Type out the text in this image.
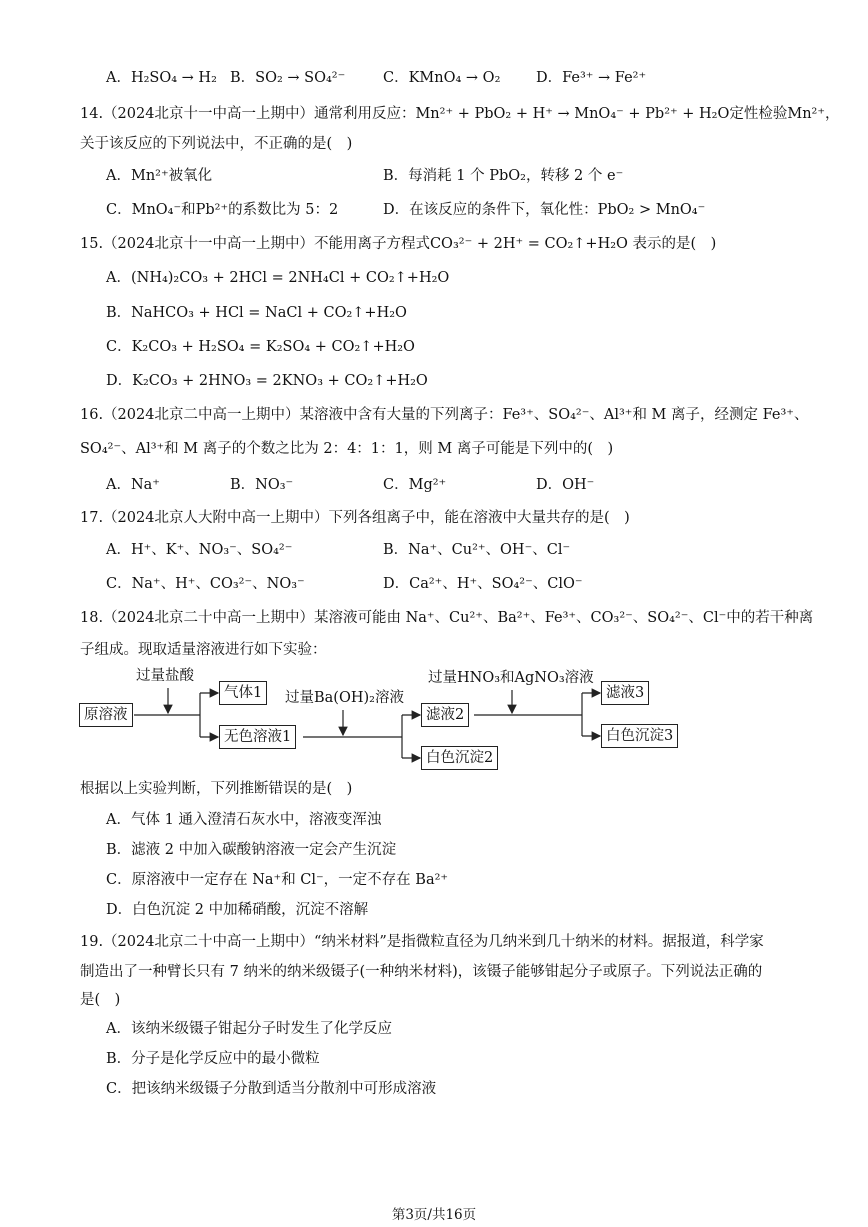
A．H₂SO₄ → H₂ B．SO₂ → SO₄²⁻	C．KMnO₄ → O₂ D．Fe³⁺ → Fe²⁺
14.（2024北京十一中高一上期中）通常利用反应：Mn²⁺ + PbO₂ + H⁺ → MnO₄⁻ + Pb²⁺ + H₂O定性检验Mn²⁺，
关于该反应的下列说法中，不正确的是(　)
A．Mn²⁺被氧化	B．每消耗 1 个 PbO₂，转移 2 个 e⁻
C．MnO₄⁻和Pb²⁺的系数比为 5：2	D．在该反应的条件下，氧化性：PbO₂ > MnO₄⁻
15.（2024北京十一中高一上期中）不能用离子方程式CO₃²⁻ + 2H⁺ = CO₂↑+H₂O 表示的是(　)
A．(NH₄)₂CO₃ + 2HCl = 2NH₄Cl + CO₂↑+H₂O
B．NaHCO₃ + HCl = NaCl + CO₂↑+H₂O
C．K₂CO₃ + H₂SO₄ = K₂SO₄ + CO₂↑+H₂O
D．K₂CO₃ + 2HNO₃ = 2KNO₃ + CO₂↑+H₂O
16.（2024北京二中高一上期中）某溶液中含有大量的下列离子：Fe³⁺、SO₄²⁻、Al³⁺和 M 离子，经测定 Fe³⁺、
SO₄²⁻、Al³⁺和 M 离子的个数之比为 2：4：1：1，则 M 离子可能是下列中的(　)
A．Na⁺	B．NO₃⁻	C．Mg²⁺	D．OH⁻
17.（2024北京人大附中高一上期中）下列各组离子中，能在溶液中大量共存的是(　)
A．H⁺、K⁺、NO₃⁻、SO₄²⁻	B．Na⁺、Cu²⁺、OH⁻、Cl⁻
C．Na⁺、H⁺、CO₃²⁻、NO₃⁻	D．Ca²⁺、H⁺、SO₄²⁻、ClO⁻
18.（2024北京二十中高一上期中）某溶液可能由 Na⁺、Cu²⁺、Ba²⁺、Fe³⁺、CO₃²⁻、SO₄²⁻、Cl⁻中的若干种离
子组成。现取适量溶液进行如下实验：
过量盐酸
过量Ba(OH)₂溶液
过量HNO₃和AgNO₃溶液
原溶液
气体1
无色溶液1
滤液2
白色沉淀2
滤液3
白色沉淀3
根据以上实验判断，下列推断错误的是(　)
A．气体 1 通入澄清石灰水中，溶液变浑浊
B．滤液 2 中加入碳酸钠溶液一定会产生沉淀
C．原溶液中一定存在 Na⁺和 Cl⁻，一定不存在 Ba²⁺
D．白色沉淀 2 中加稀硝酸，沉淀不溶解
19.（2024北京二十中高一上期中）“纳米材料”是指微粒直径为几纳米到几十纳米的材料。据报道，科学家
制造出了一种臂长只有 7 纳米的纳米级镊子(一种纳米材料)，该镊子能够钳起分子或原子。下列说法正确的
是(　)
A．该纳米级镊子钳起分子时发生了化学反应
B．分子是化学反应中的最小微粒
C．把该纳米级镊子分散到适当分散剂中可形成溶液
第3页/共16页
